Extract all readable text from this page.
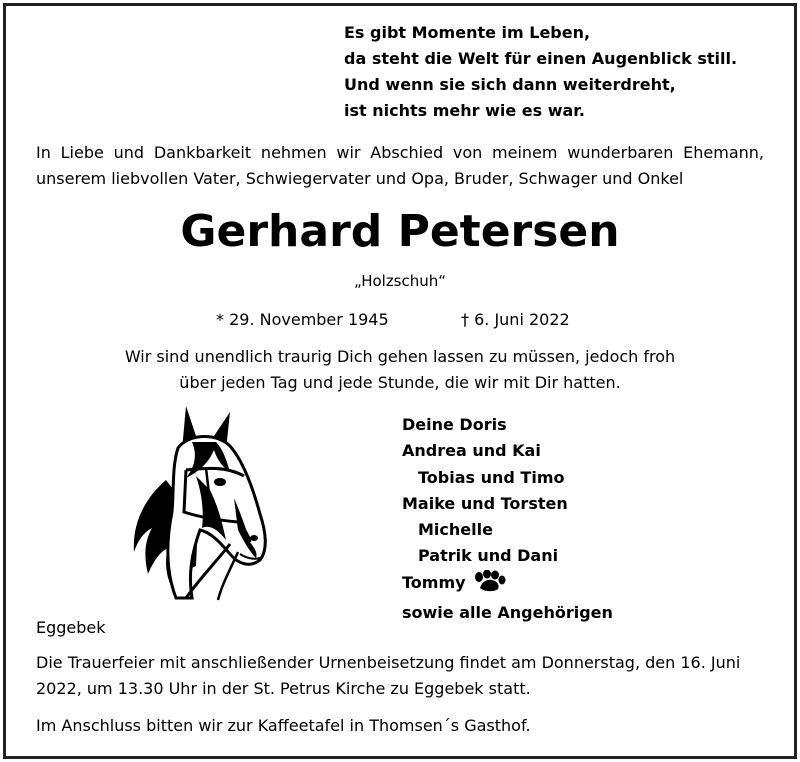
Es gibt Momente im Leben,
da steht die Welt für einen Augenblick still.
Und wenn sie sich dann weiterdreht,
ist nichts mehr wie es war.
In Liebe und Dankbarkeit nehmen wir Abschied von meinem wunderbaren Ehemann, unserem liebvollen Vater, Schwiegervater und Opa, Bruder, Schwager und Onkel
Gerhard Petersen
„Holzschuh“
* 29. November 1945	† 6. Juni 2022
Wir sind unendlich traurig Dich gehen lassen zu müssen, jedoch froh
über jeden Tag und jede Stunde, die wir mit Dir hatten.
Deine Doris
Andrea und Kai
Tobias und Timo
Maike und Torsten
Michelle
Patrik und Dani
Tommy
sowie alle Angehörigen
Eggebek
Die Trauerfeier mit anschließender Urnenbeisetzung findet am Donnerstag, den 16. Juni 2022, um 13.30 Uhr in der St. Petrus Kirche zu Eggebek statt.
Im Anschluss bitten wir zur Kaffeetafel in Thomsen´s Gasthof.
